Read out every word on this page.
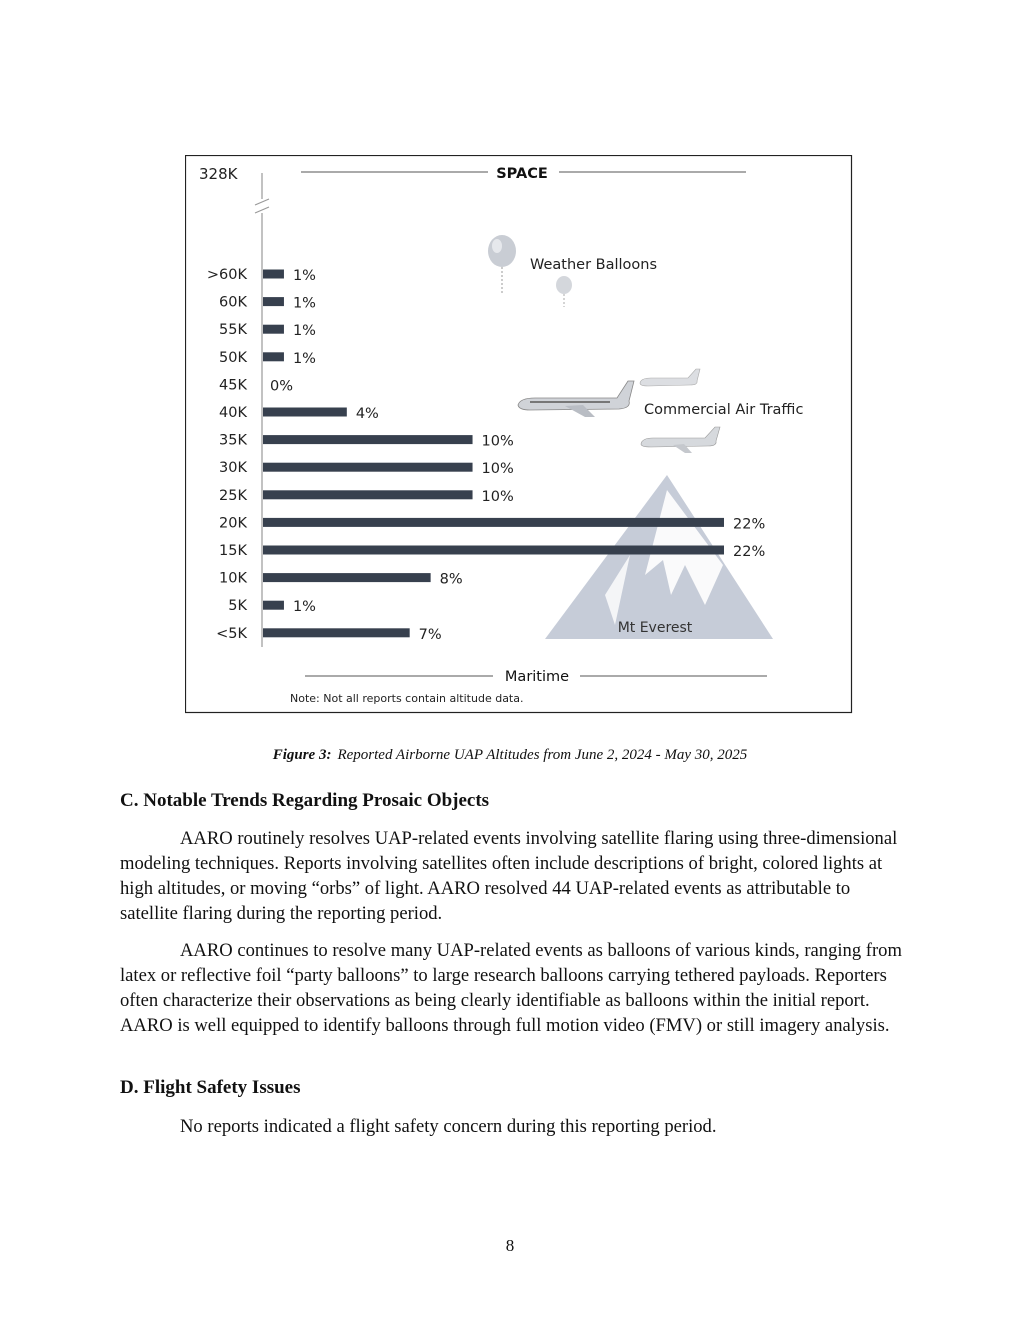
328K	SPACE
Mt Everest
Weather Balloons
Commercial Air Traffic
>60K	1%
60K	1%
55K	1%
50K	1%
45K 0%
40K	4%
35K	10%
30K	10%
25K	10%
20K	22%
15K	22%
10K	8%
5K	1%
<5K	7%
Maritime
Note: Not all reports contain altitude data.
Figure 3: Reported Airborne UAP Altitudes from June 2, 2024 - May 30, 2025
C. Notable Trends Regarding Prosaic Objects

AARO routinely resolves UAP-related events involving satellite flaring using three-dimensional modeling techniques. Reports involving satellites often include descriptions of bright, colored lights at high altitudes, or moving “orbs” of light. AARO resolved 44 UAP-related events as attributable to satellite flaring during the reporting period.

AARO continues to resolve many UAP-related events as balloons of various kinds, ranging from latex or reflective foil “party balloons” to large research balloons carrying tethered payloads. Reporters often characterize their observations as being clearly identifiable as balloons within the initial report. AARO is well equipped to identify balloons through full motion video (FMV) or still imagery analysis.

D. Flight Safety Issues

No reports indicated a flight safety concern during this reporting period.

8
